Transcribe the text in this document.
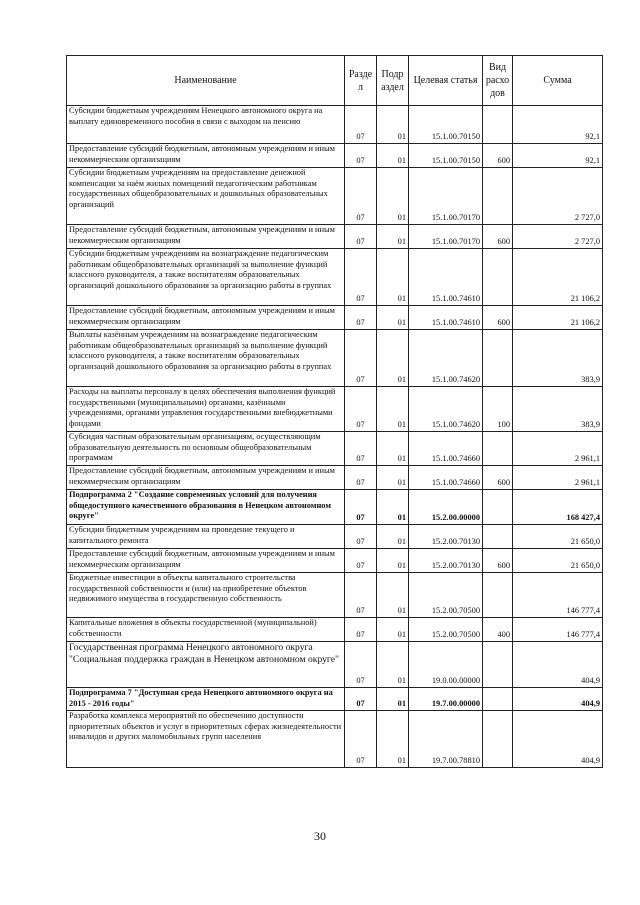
Наименование	Разде л	Подр аздел	Целевая статья	Вид расхо дов	Сумма
Субсидии бюджетным учреждениям Ненецкого автономного округа на выплату единовременного пособия в связи с выходом на пенсию	07	01	15.1.00.70150		92,1
Предоставление субсидий бюджетным, автономным учреждениям и иным некоммерческим организациям	07	01	15.1.00.70150	600	92,1
Субсидии бюджетным учреждениям на предоставление денежной компенсации за наём жилых помещений педагогическим работникам государственных общеобразовательных и дошкольных образовательных организаций	07	01	15.1.00.70170		2 727,0
Предоставление субсидий бюджетным, автономным учреждениям и иным некоммерческим организациям	07	01	15.1.00.70170	600	2 727,0
Субсидии бюджетным учреждениям на вознаграждение педагогическим работникам общеобразовательных организаций за выполнение функций классного руководителя, а также воспитателям образовательных организаций дошкольного образования за организацию работы в группах	07	01	15.1.00.74610		21 106,2
Предоставление субсидий бюджетным, автономным учреждениям и иным некоммерческим организациям	07	01	15.1.00.74610	600	21 106,2
Выплаты казённым учреждениям на вознаграждение педагогическим работникам общеобразовательных организаций за выполнение функций классного руководителя, а также воспитателям образовательных организаций дошкольного образования за организацию работы в группах	07	01	15.1.00.74620		383,9
Расходы на выплаты персоналу в целях обеспечения выполнения функций государственными (муниципальными) органами, казёнными учреждениями, органами управления государственными внебюджетными фондами	07	01	15.1.00.74620	100	383,9
Субсидия частным образовательным организациям, осуществляющим образовательную деятельность по основным общеобразовательным программам	07	01	15.1.00.74660		2 961,1
Предоставление субсидий бюджетным, автономным учреждениям и иным некоммерческим организациям	07	01	15.1.00.74660	600	2 961,1
Подпрограмма 2 "Создание современных условий для получения общедоступного качественного образования в Ненецком автономном округе"	07	01	15.2.00.00000		168 427,4
Субсидии бюджетным учреждениям на проведение текущего и капитального ремонта	07	01	15.2.00.70130		21 650,0
Предоставление субсидий бюджетным, автономным учреждениям и иным некоммерческим организациям	07	01	15.2.00.70130	600	21 650,0
Бюджетные инвестиции в объекты капитального строительства государственной собственности и (или) на приобретение объектов недвижимого имущества в государственную собственность	07	01	15.2.00.70500		146 777,4
Капитальные вложения в объекты государственной (муниципальной) собственности	07	01	15.2.00.70500	400	146 777,4
Государственная программа Ненецкого автономного округа "Социальная поддержка граждан в Ненецком автономном округе"	07	01	19.0.00.00000		404,9
Подпрограмма 7 "Доступная среда Ненецкого автономного округа на 2015 - 2016 годы"	07	01	19.7.00.00000		404,9
Разработка комплекса мероприятий по обеспечению доступности приоритетных объектов и услуг в приоритетных сферах жизнедеятельности инвалидов и других маломобильных групп населения	07	01	19.7.00.78810		404,9
30
